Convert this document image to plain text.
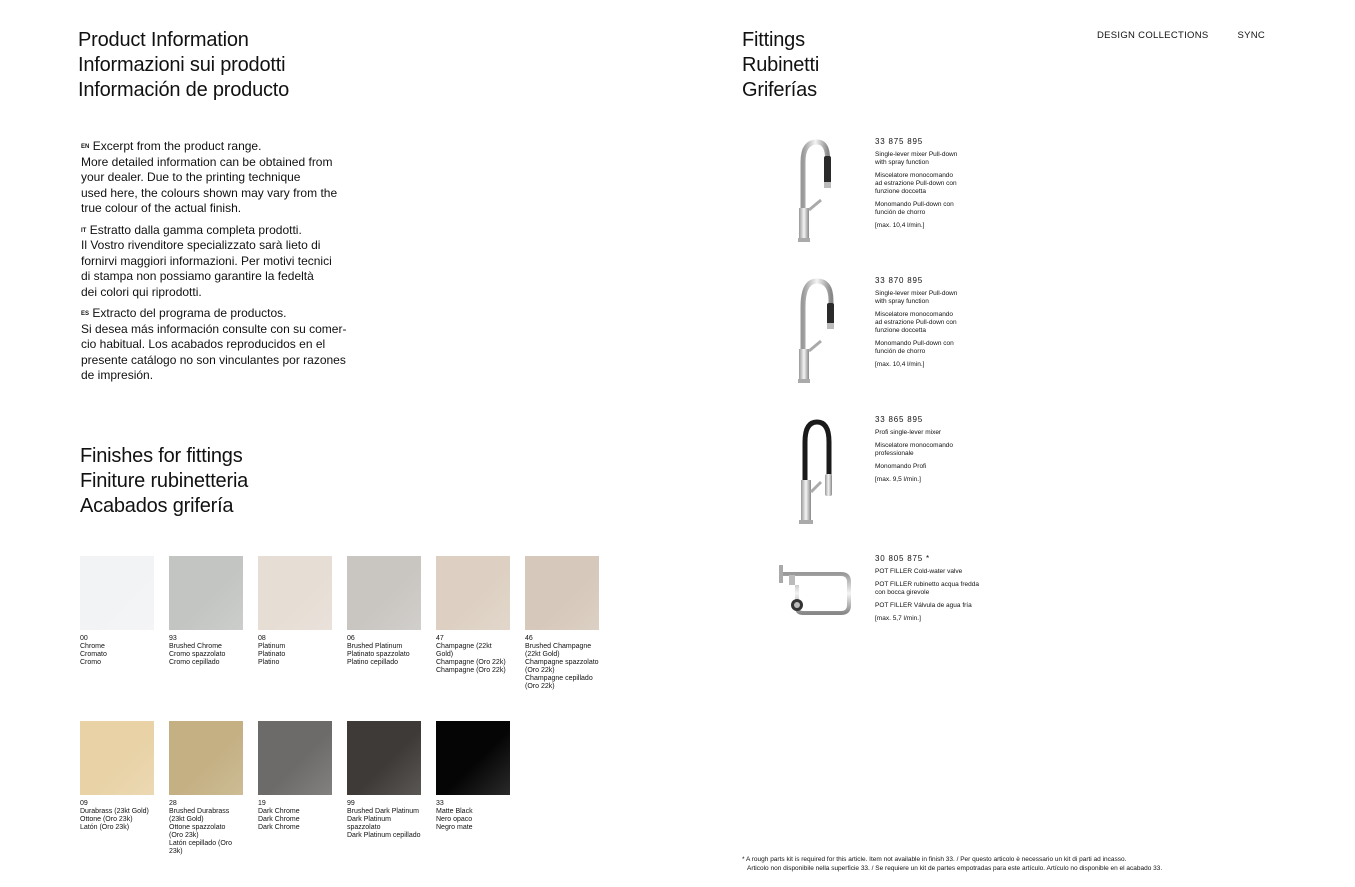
DESIGN COLLECTIONS	SYNC
Product Information
Informazioni sui prodotti
Información de producto

$^{EN}$ Excerpt from the product range.
More detailed information can be obtained from
your dealer. Due to the printing technique
used here, the colours shown may vary from the
true colour of the actual finish.

$^{IT}$ Estratto dalla gamma completa prodotti.
Il Vostro rivenditore specializzato sarà lieto di
fornirvi maggiori informazioni. Per motivi tecnici
di stampa non possiamo garantire la fedeltà
dei colori qui riprodotti.

$^{ES}$ Extracto del programa de productos.
Si desea más información consulte con su comer-
cio habitual. Los acabados reproducidos en el
presente catálogo no son vinculantes por razones
de impresión.

Finishes for fittings
Finiture rubinetteria
Acabados grifería
00
Chrome
Cromato
Cromo
93
Brushed Chrome
Cromo spazzolato
Cromo cepillado
08
Platinum
Platinato
Platino
06
Brushed Platinum
Platinato spazzolato
Platino cepillado
47
Champagne (22kt Gold)
Champagne (Oro 22k)
Champagne (Oro 22k)
46
Brushed Champagne
(22kt Gold)
Champagne spazzolato
(Oro 22k)
Champagne cepillado
(Oro 22k)
09
Durabrass (23kt Gold)
Ottone (Oro 23k)
Latón (Oro 23k)
28
Brushed Durabrass
(23kt Gold)
Ottone spazzolato
(Oro 23k)
Latón cepillado (Oro 23k)
19
Dark Chrome
Dark Chrome
Dark Chrome
99
Brushed Dark Platinum
Dark Platinum spazzolato
Dark Platinum cepillado
33
Matte Black
Nero opaco
Negro mate
Fittings
Rubinetti
Griferías
33 875 895

Single-lever mixer Pull-down
with spray function

Miscelatore monocomando
ad estrazione Pull-down con
funzione doccetta

Monomando Pull-down con
función de chorro

[max. 10,4 l/min.]

33 870 895

Single-lever mixer Pull-down
with spray function

Miscelatore monocomando
ad estrazione Pull-down con
funzione doccetta

Monomando Pull-down con
función de chorro

[max. 10,4 l/min.]

33 865 895

Profi single-lever mixer

Miscelatore monocomando
professionale

Monomando Profi

[max. 9,5 l/min.]

30 805 875 *

POT FILLER Cold-water valve

POT FILLER rubinetto acqua fredda
con bocca girevole

POT FILLER Válvula de agua fría

[max. 5,7 l/min.]

* A rough parts kit is required for this article. Item not available in finish 33. / Per questo articolo è necessario un kit di parti ad incasso.
Articolo non disponibile nella superficie 33. / Se requiere un kit de partes empotradas para este artículo. Artículo no disponible en el acabado 33.
